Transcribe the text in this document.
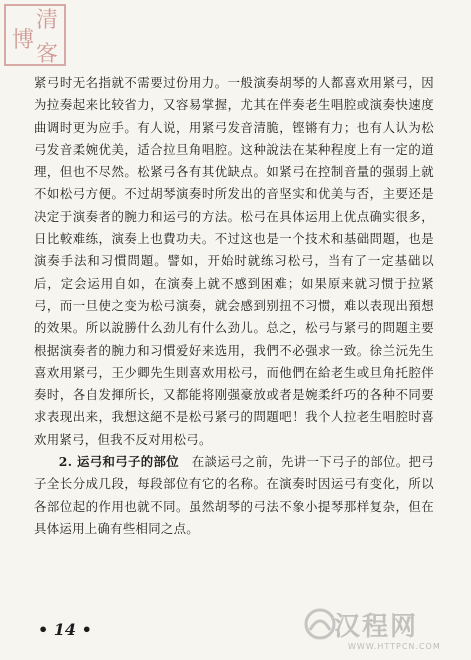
清
博
客

紧弓时无名指就不需要过份用力。一般演奏胡琴的人都喜欢用紧弓，因为拉奏起来比较省力，又容易掌握，尤其在伴奏老生唱腔或演奏快速度曲调时更为应手。有人说，用紧弓发音清脆，铿锵有力；也有人认为松弓发音柔婉优美，适合拉旦角唱腔。这种說法在某种程度上有一定的道理，但也不尽然。松紧弓各有其优缺点。如紧弓在控制音量的强弱上就不如松弓方便。不过胡琴演奏时所发出的音坚实和优美与否，主要还是决定于演奏者的腕力和运弓的方法。松弓在具体运用上优点确实很多，日比較难练，演奏上也費功夫。不过这也是一个技术和基础問題，也是演奏手法和习慣問題。譬如，开始时就练习松弓，当有了一定基础以后，定会运用自如，在演奏上就不感到困难；如果原来就习惯于拉紧弓，而一旦使之变为松弓演奏，就会感到别扭不习惯，难以表现出預想的效果。所以說勝什么劲儿有什么劲儿。总之，松弓与紧弓的問題主要根据演奏者的腕力和习慣爱好来选用，我們不必强求一致。徐兰沅先生喜欢用紧弓，王少卿先生則喜欢用松弓，而他們在給老生或旦角托腔伴奏时，各自发揮所长，又都能将刚强豪放或者是婉柔纤巧的各种不同要求表现出来，我想这絕不是松弓紧弓的問題吧！我个人拉老生唱腔时喜欢用紧弓，但我不反对用松弓。

2. 运弓和弓子的部位　 在談运弓之前，先讲一下弓子的部位。把弓子全长分成几段，每段部位有它的名称。在演奏时因运弓有变化，所以各部位起的作用也就不同。虽然胡琴的弓法不象小提琴那样复杂，但在具体运用上确有些相同之点。

• 14 •	汉程网
WWW.HTTPCN.COM
